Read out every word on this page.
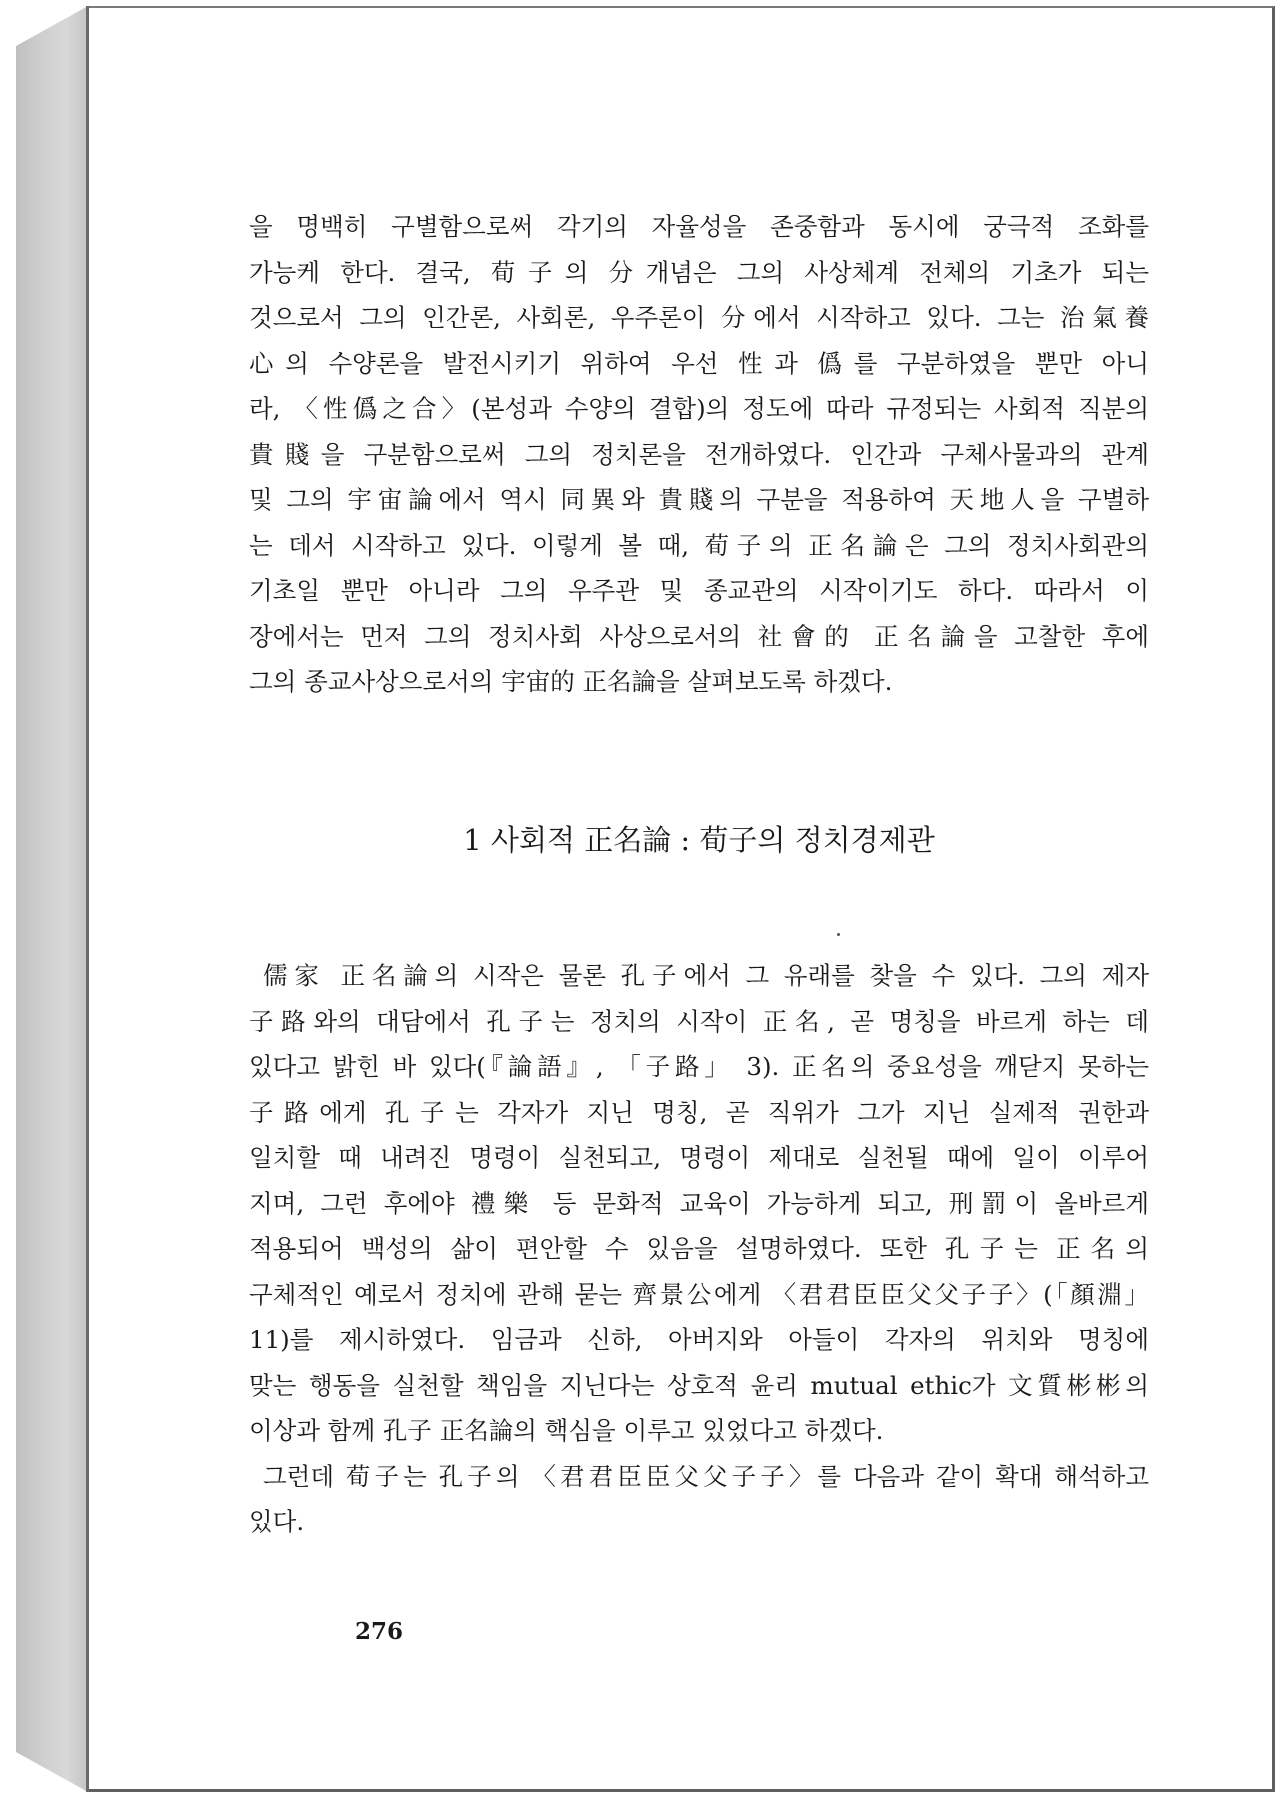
을 명백히 구별함으로써 각기의 자율성을 존중함과 동시에 궁극적 조화를
가능케 한다. 결국, 荀子의 分개념은 그의 사상체계 전체의 기초가 되는
것으로서 그의 인간론, 사회론, 우주론이 分에서 시작하고 있다. 그는 治氣養
心의 수양론을 발전시키기 위하여 우선 性과 僞를 구분하였을 뿐만 아니
라, 〈性僞之合〉(본성과 수양의 결합)의 정도에 따라 규정되는 사회적 직분의
貴賤을 구분함으로써 그의 정치론을 전개하였다. 인간과 구체사물과의 관계
및 그의 宇宙論에서 역시 同異와 貴賤의 구분을 적용하여 天地人을 구별하
는 데서 시작하고 있다. 이렇게 볼 때, 荀子의 正名論은 그의 정치사회관의
기초일 뿐만 아니라 그의 우주관 및 종교관의 시작이기도 하다. 따라서 이
장에서는 먼저 그의 정치사회 사상으로서의 社會的 正名論을 고찰한 후에
그의 종교사상으로서의 宇宙的 正名論을 살펴보도록 하겠다.
1 사회적 正名論 : 荀子의 정치경제관
儒家 正名論의 시작은 물론 孔子에서 그 유래를 찾을 수 있다. 그의 제자
子路와의 대담에서 孔子는 정치의 시작이 正名, 곧 명칭을 바르게 하는 데
있다고 밝힌 바 있다(『論語』, 「子路」 3). 正名의 중요성을 깨닫지 못하는
子路에게 孔子는 각자가 지닌 명칭, 곧 직위가 그가 지닌 실제적 권한과
일치할 때 내려진 명령이 실천되고, 명령이 제대로 실천될 때에 일이 이루어
지며, 그런 후에야 禮樂 등 문화적 교육이 가능하게 되고, 刑罰이 올바르게
적용되어 백성의 삶이 편안할 수 있음을 설명하였다. 또한 孔子는 正名의
구체적인 예로서 정치에 관해 묻는 齊景公에게 〈君君臣臣父父子子〉(「顏淵」
11)를 제시하였다. 임금과 신하, 아버지와 아들이 각자의 위치와 명칭에
맞는 행동을 실천할 책임을 지닌다는 상호적 윤리 mutual ethic가 文質彬彬의
이상과 함께 孔子 正名論의 핵심을 이루고 있었다고 하겠다.
그런데 荀子는 孔子의 〈君君臣臣父父子子〉를 다음과 같이 확대 해석하고
있다.
276
